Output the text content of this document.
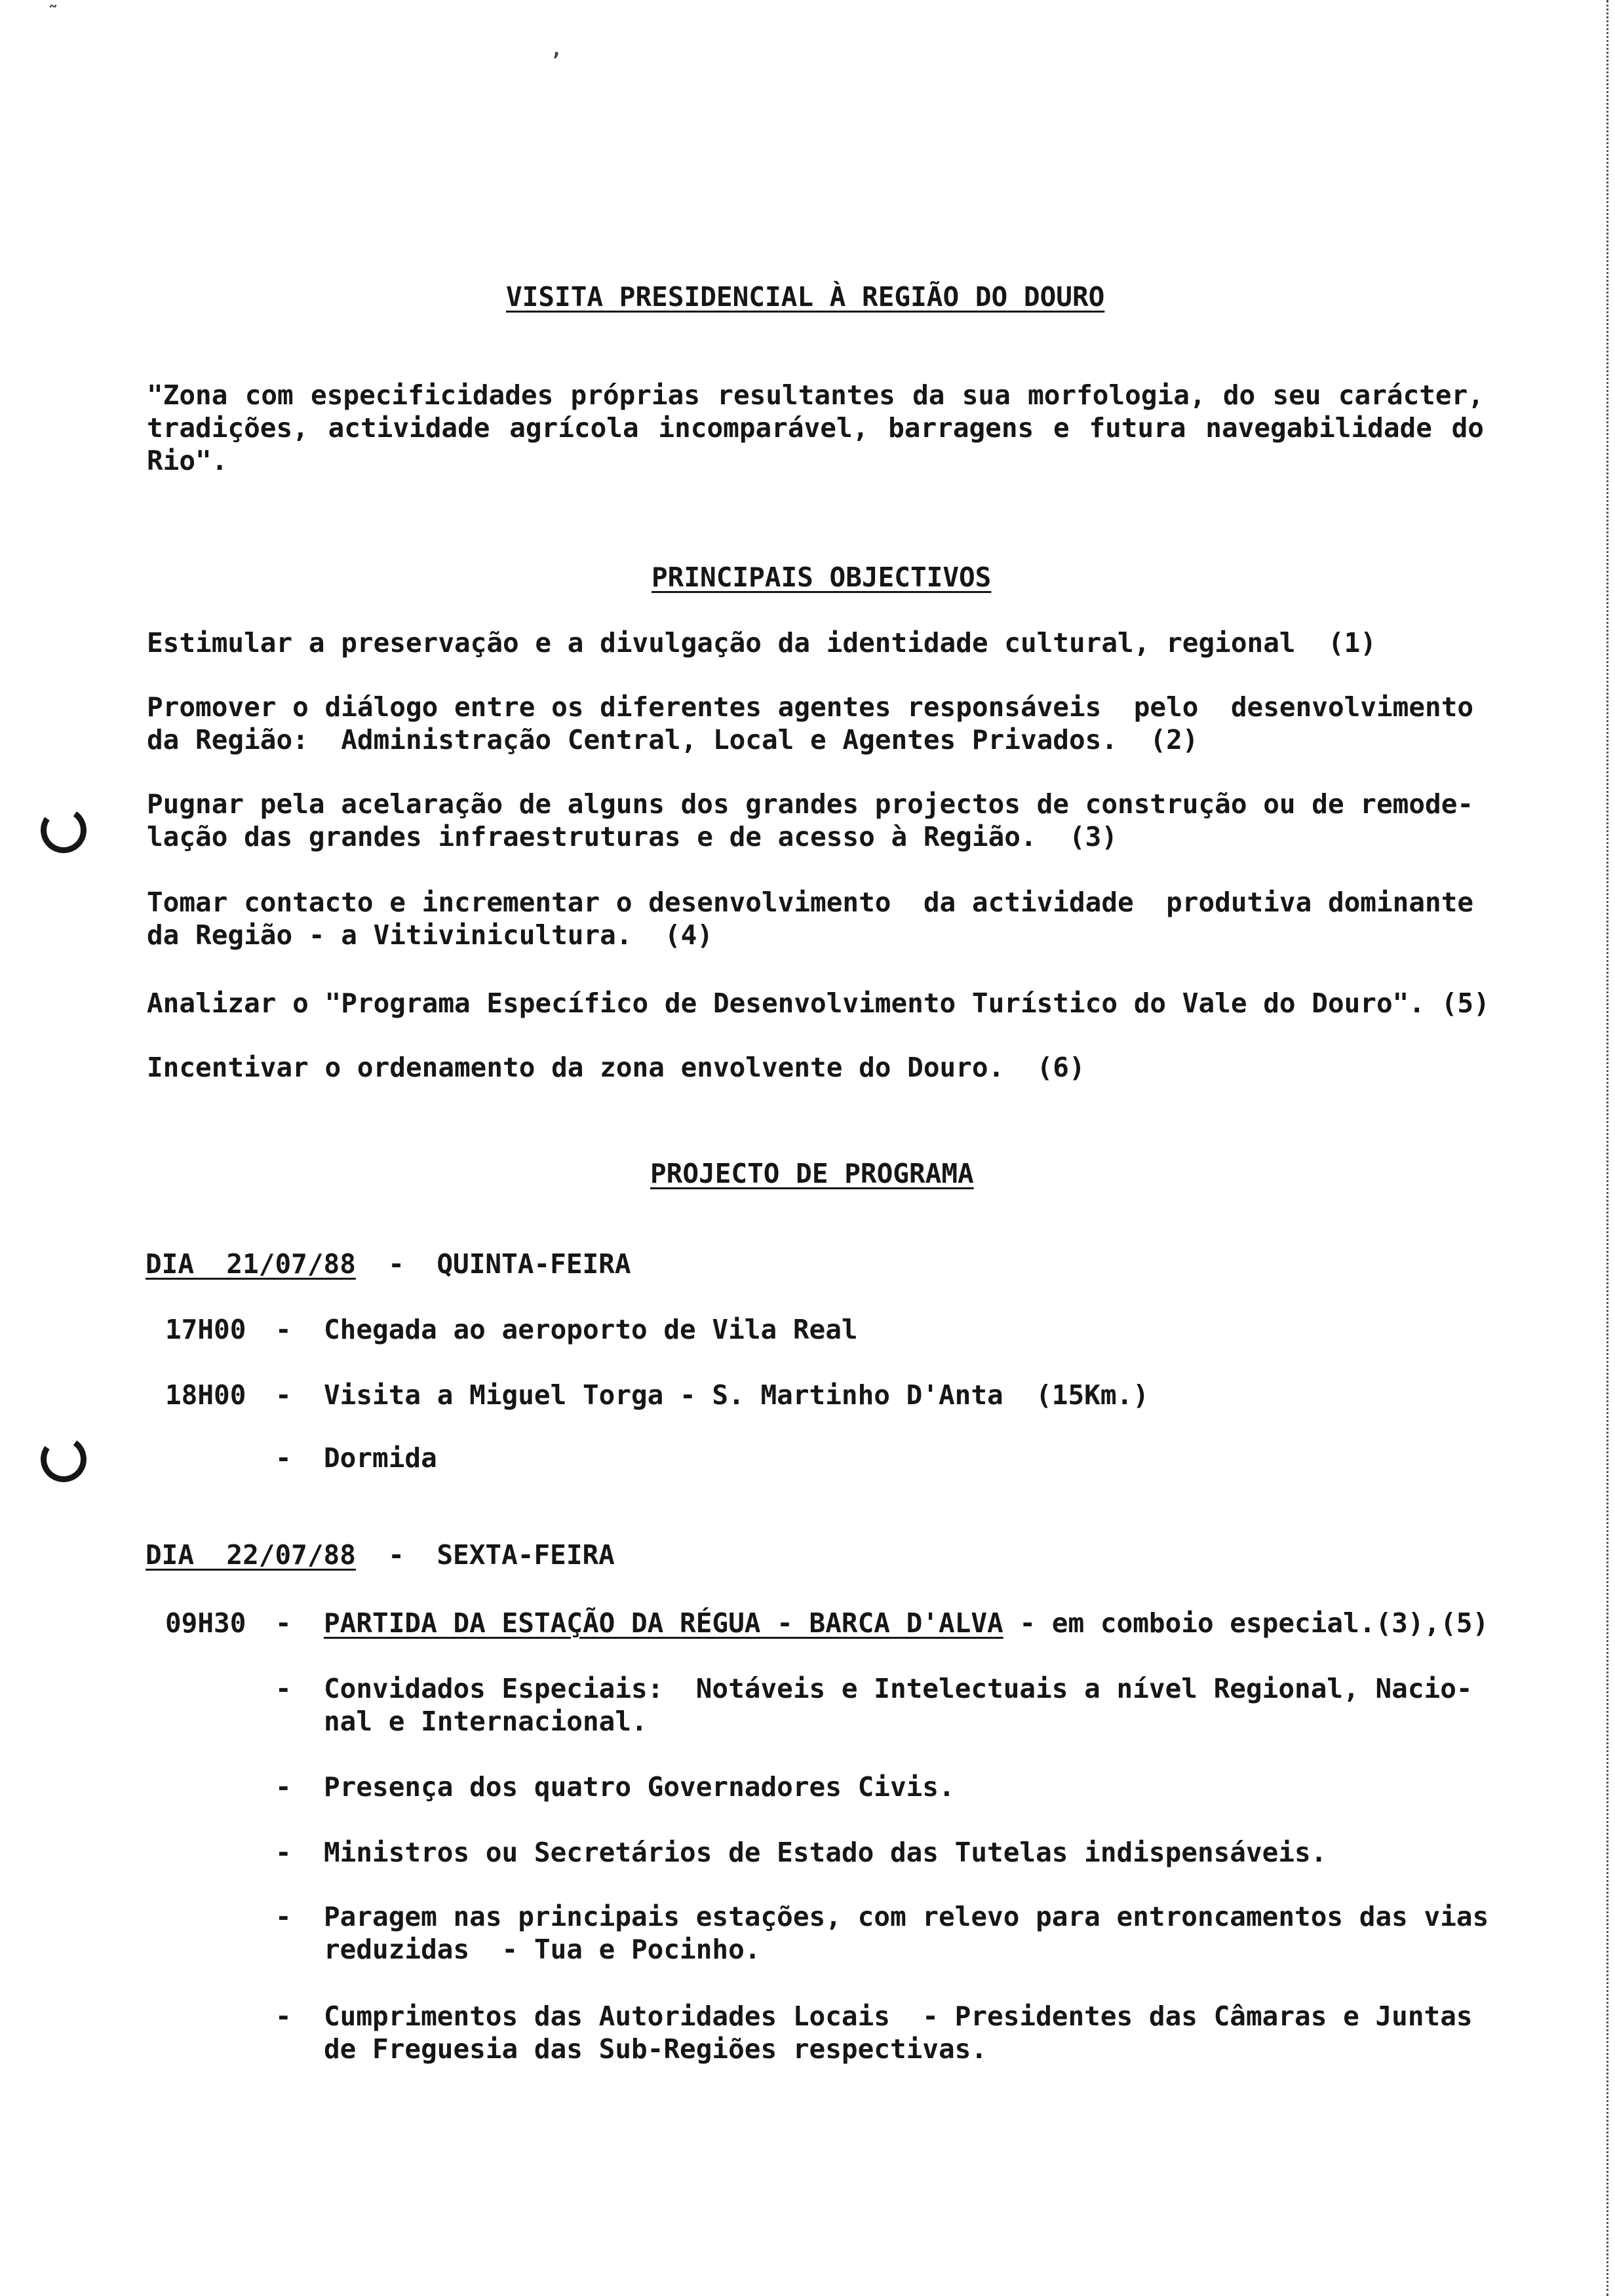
˜
,
VISITA PRESIDENCIAL À REGIÃO DO DOURO
"Zona com especificidades próprias resultantes da sua morfologia, do seu carácter,
tradições, actividade agrícola incomparável, barragens e futura navegabilidade do
Rio".
PRINCIPAIS OBJECTIVOS
Estimular a preservação e a divulgação da identidade cultural, regional  (1)
Promover o diálogo entre os diferentes agentes responsáveis  pelo  desenvolvimento
da Região:  Administração Central, Local e Agentes Privados.  (2)
Pugnar pela acelaração de alguns dos grandes projectos de construção ou de remode-
lação das grandes infraestruturas e de acesso à Região.  (3)
Tomar contacto e incrementar o desenvolvimento  da actividade  produtiva dominante
da Região - a Vitivinicultura.  (4)
Analizar o "Programa Específico de Desenvolvimento Turístico do Vale do Douro". (5)
Incentivar o ordenamento da zona envolvente do Douro.  (6)
PROJECTO DE PROGRAMA
DIA  21/07/88 - QUINTA-FEIRA
17H00 - Chegada ao aeroporto de Vila Real
18H00 - Visita a Miguel Torga - S. Martinho D'Anta  (15Km.)
- Dormida
DIA  22/07/88 - SEXTA-FEIRA
09H30 - PARTIDA DA ESTAÇÃO DA RÉGUA - BARCA D'ALVA - em comboio especial.(3),(5)
- Convidados Especiais:  Notáveis e Intelectuais a nível Regional, Nacio-
nal e Internacional.
- Presença dos quatro Governadores Civis.
- Ministros ou Secretários de Estado das Tutelas indispensáveis.
- Paragem nas principais estações, com relevo para entroncamentos das vias
reduzidas  - Tua e Pocinho.
- Cumprimentos das Autoridades Locais  - Presidentes das Câmaras e Juntas
de Freguesia das Sub-Regiões respectivas.
